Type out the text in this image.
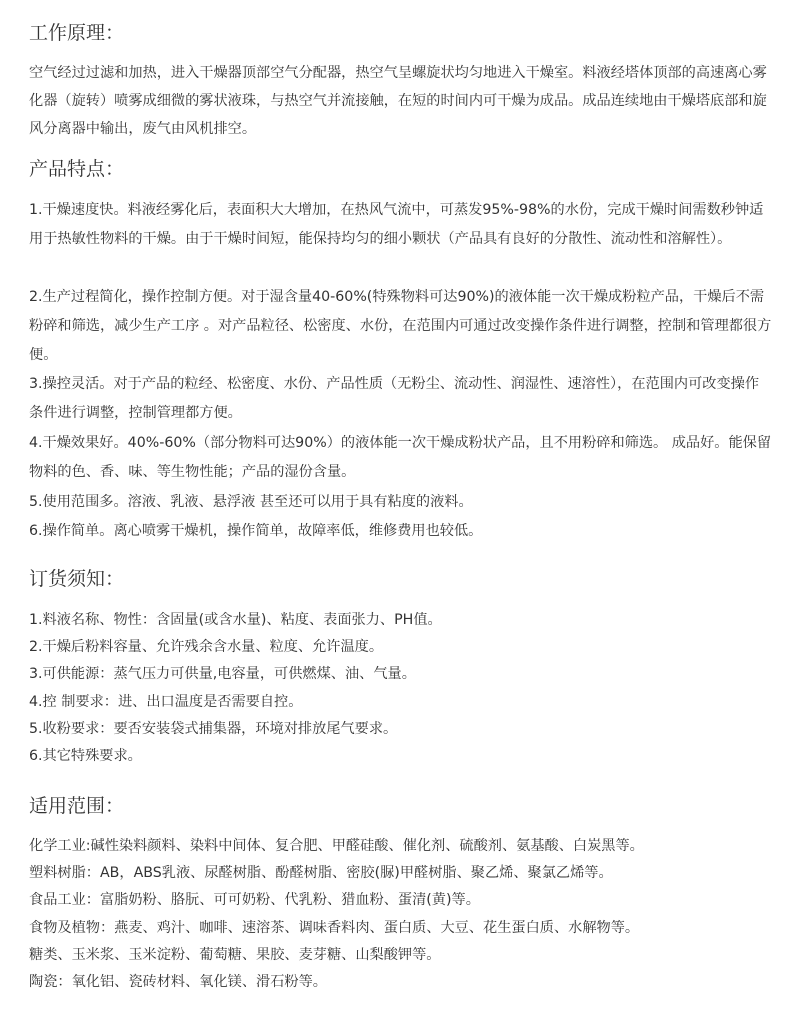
工作原理：

空气经过过滤和加热，进入干燥器顶部空气分配器，热空气呈螺旋状均匀地进入干燥室。料液经塔体顶部的高速离心雾化器（旋转）喷雾成细微的雾状液珠，与热空气并流接触，在短的时间内可干燥为成品。成品连续地由干燥塔底部和旋风分离器中输出，废气由风机排空。

产品特点：

1.干燥速度快。料液经雾化后，表面积大大增加，在热风气流中，可蒸发95%-98%的水份，完成干燥时间需数秒钟适用于热敏性物料的干燥。由于干燥时间短，能保持均匀的细小颗状（产品具有良好的分散性、流动性和溶解性）。

2.生产过程简化，操作控制方便。对于湿含量40-60%(特殊物料可达90%)的液体能一次干燥成粉粒产品，干燥后不需粉碎和筛选，减少生产工序 。对产品粒径、松密度、水份，在范围内可通过改变操作条件进行调整，控制和管理都很方便。

3.操控灵活。对于产品的粒经、松密度、水份、产品性质（无粉尘、流动性、润湿性、速溶性），在范围内可改变操作条件进行调整，控制管理都方便。

4.干燥效果好。40%-60%（部分物料可达90%）的液体能一次干燥成粉状产品，且不用粉碎和筛选。 成品好。能保留物料的色、香、味、等生物性能；产品的湿份含量。

5.使用范围多。溶液、乳液、悬浮液 甚至还可以用于具有粘度的液料。

6.操作简单。离心喷雾干燥机，操作简单，故障率低，维修费用也较低。

订货须知：
1.料液名称、物性：含固量(或含水量)、粘度、表面张力、PH值。
2.干燥后粉料容量、允许残余含水量、粒度、允许温度。
3.可供能源：蒸气压力可供量,电容量，可供燃煤、油、气量。
4.控 制要求：进、出口温度是否需要自控。
5.收粉要求：要否安装袋式捕集器，环境对排放尾气要求。
6.其它特殊要求。
适用范围：
化学工业:碱性染料颜料、染料中间体、复合肥、甲醛硅酸、催化剂、硫酸剂、氨基酸、白炭黑等。
塑料树脂：AB，ABS乳液、尿醛树脂、酚醛树脂、密胶(脲)甲醛树脂、聚乙烯、聚氯乙烯等。
食品工业：富脂奶粉、胳朊、可可奶粉、代乳粉、猎血粉、蛋清(黄)等。
食物及植物：燕麦、鸡汁、咖啡、速溶茶、调味香料肉、蛋白质、大豆、花生蛋白质、水解物等。
糖类、玉米浆、玉米淀粉、葡萄糖、果胶、麦芽糖、山梨酸钾等。
陶瓷：氧化铝、瓷砖材料、氧化镁、滑石粉等。
